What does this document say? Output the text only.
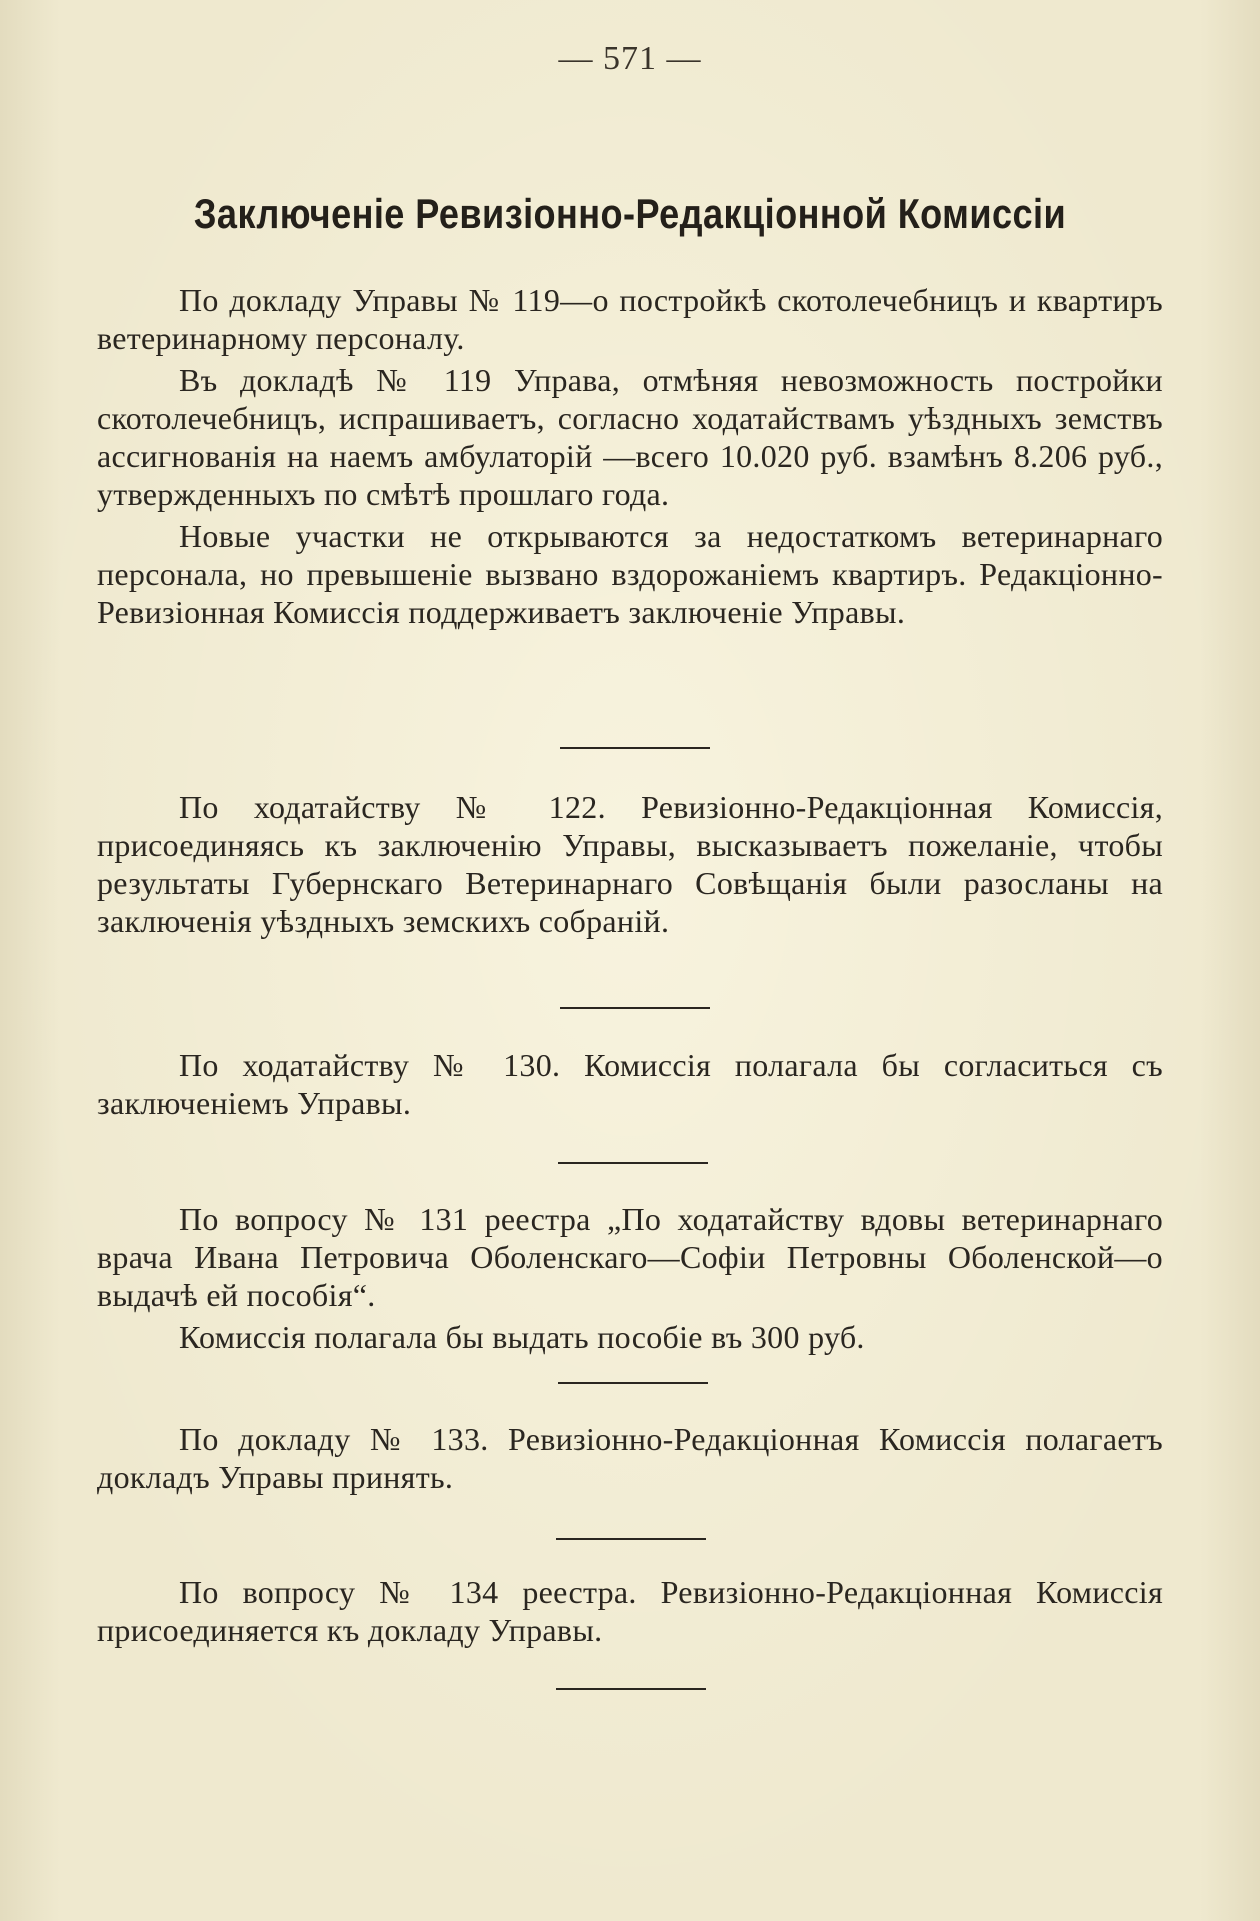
— 571 —
Заключеніе Ревизіонно-Редакціонной Комиссіи

По докладу Управы № 119—о постройкѣ скотолечебницъ и квартиръ ветеринарному персоналу.

Въ докладѣ № 119 Управа, отмѣняя невозможность постройки скотолечебницъ, испрашиваетъ, согласно ходатайствамъ уѣздныхъ земствъ ассигнованія на наемъ амбулаторій —всего 10.020 руб. взамѣнъ 8.206 руб., утвержденныхъ по смѣтѣ прошлаго года.

Новые участки не открываются за недостаткомъ ветеринарнаго персонала, но превышеніе вызвано вздорожаніемъ квартиръ. Редакціонно-Ревизіонная Комиссія поддерживаетъ заключеніе Управы.

По ходатайству № 122. Ревизіонно-Редакціонная Комиссія, присоединяясь къ заключенію Управы, высказываетъ пожеланіе, чтобы результаты Губернскаго Ветеринарнаго Совѣщанія были разосланы на заключенія уѣздныхъ земскихъ собраній.

По ходатайству № 130. Комиссія полагала бы согласиться съ заключеніемъ Управы.

По вопросу № 131 реестра „По ходатайству вдовы ветеринарнаго врача Ивана Петровича Оболенскаго—Софіи Петровны Оболенской—о выдачѣ ей пособія“.

Комиссія полагала бы выдать пособіе въ 300 руб.

По докладу № 133. Ревизіонно-Редакціонная Комиссія полагаетъ докладъ Управы принять.

По вопросу № 134 реестра. Ревизіонно-Редакціонная Комиссія присоединяется къ докладу Управы.
